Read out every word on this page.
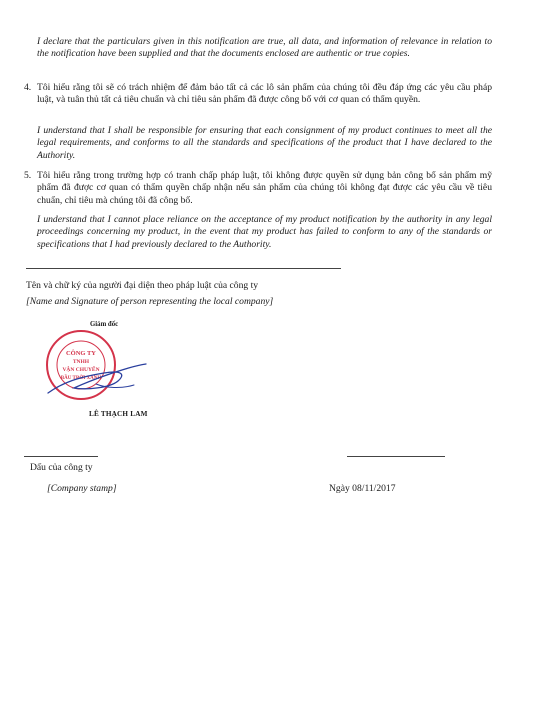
I declare that the particulars given in this notification are true, all data, and information of relevance in relation to the notification have been supplied and that the documents enclosed are authentic or true copies.
4. Tôi hiểu rằng tôi sẽ có trách nhiệm để đảm bảo tất cả các lô sản phẩm của chúng tôi đều đáp ứng các yêu cầu pháp luật, và tuân thủ tất cả tiêu chuẩn và chỉ tiêu sản phẩm đã được công bố với cơ quan có thẩm quyền.
I understand that I shall be responsible for ensuring that each consignment of my product continues to meet all the legal requirements, and conforms to all the standards and specifications of the product that I have declared to the Authority.
5. Tôi hiểu rằng trong trường hợp có tranh chấp pháp luật, tôi không được quyền sử dụng bản công bố sản phẩm mỹ phẩm đã được cơ quan có thẩm quyền chấp nhận nếu sản phẩm của chúng tôi không đạt được các yêu cầu về tiêu chuẩn, chỉ tiêu mà chúng tôi đã công bố.
I understand that I cannot place reliance on the acceptance of my product notification by the authority in any legal proceedings concerning my product, in the event that my product has failed to conform to any of the standards or specifications that I had previously declared to the Authority.
Tên và chữ ký của người đại diện theo pháp luật của công ty
[Name and Signature of person representing the local company]
CÔNG TY
TNHH
VẬN CHUYỂN
BẦU TRỜI XANH
Giám đốc
LÊ THẠCH LAM
Dấu của công ty
[Company stamp]	Ngày 08/11/2017
